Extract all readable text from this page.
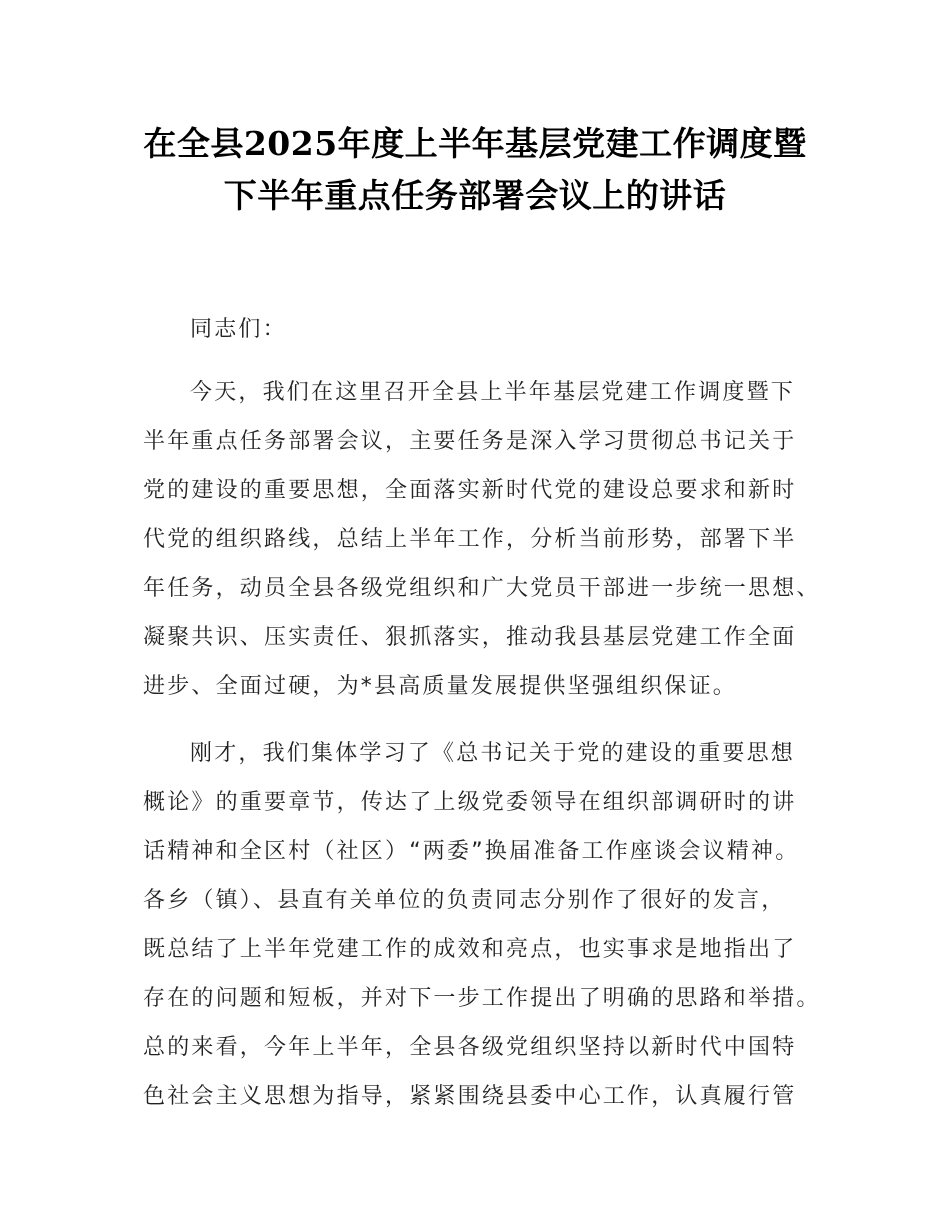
在全县2025年度上半年基层党建工作调度暨
下半年重点任务部署会议上的讲话
同志们：
今天，我们在这里召开全县上半年基层党建工作调度暨下
半年重点任务部署会议，主要任务是深入学习贯彻总书记关于
党的建设的重要思想，全面落实新时代党的建设总要求和新时
代党的组织路线，总结上半年工作，分析当前形势，部署下半
年任务，动员全县各级党组织和广大党员干部进一步统一思想、
凝聚共识、压实责任、狠抓落实，推动我县基层党建工作全面
进步、全面过硬，为*县高质量发展提供坚强组织保证。
刚才，我们集体学习了《总书记关于党的建设的重要思想
概论》的重要章节，传达了上级党委领导在组织部调研时的讲
话精神和全区村（社区）“两委”换届准备工作座谈会议精神。
各乡（镇）、县直有关单位的负责同志分别作了很好的发言，
既总结了上半年党建工作的成效和亮点，也实事求是地指出了
存在的问题和短板，并对下一步工作提出了明确的思路和举措。
总的来看，今年上半年，全县各级党组织坚持以新时代中国特
色社会主义思想为指导，紧紧围绕县委中心工作，认真履行管
